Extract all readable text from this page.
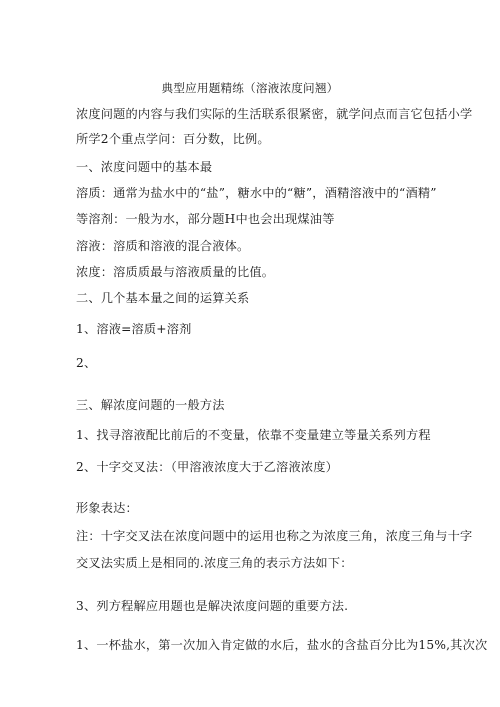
典型应用题精练（溶液浓度问翘）
浓度问题的内容与我们实际的生活联系很紧密，就学问点而言它包括小学
所学2个重点学问：百分数，比例。
一、浓度问题中的基本最
溶质：通常为盐水中的“盐”，糖水中的“糖”，酒精溶液中的“酒精”
等溶剂：一般为水，部分题H中也会出现煤油等
溶液：溶质和溶液的混合液体。
浓度：溶质质最与溶液质量的比值。
二、几个基本量之间的运算关系
1、溶液=溶质+溶剂
2、
三、解浓度问题的一般方法
1、找寻溶液配比前后的不变量，依靠不变量建立等量关系列方程
2、十字交叉法：（甲溶液浓度大于乙溶液浓度）
形象表达：
注：十字交叉法在浓度问题中的运用也称之为浓度三角，浓度三角与十字
交叉法实质上是相同的.浓度三角的表示方法如下：
3、列方程解应用题也是解决浓度问题的重要方法.
1、一杯盐水，第一次加入肯定做的水后，盐水的含盐百分比为15%,其次次
